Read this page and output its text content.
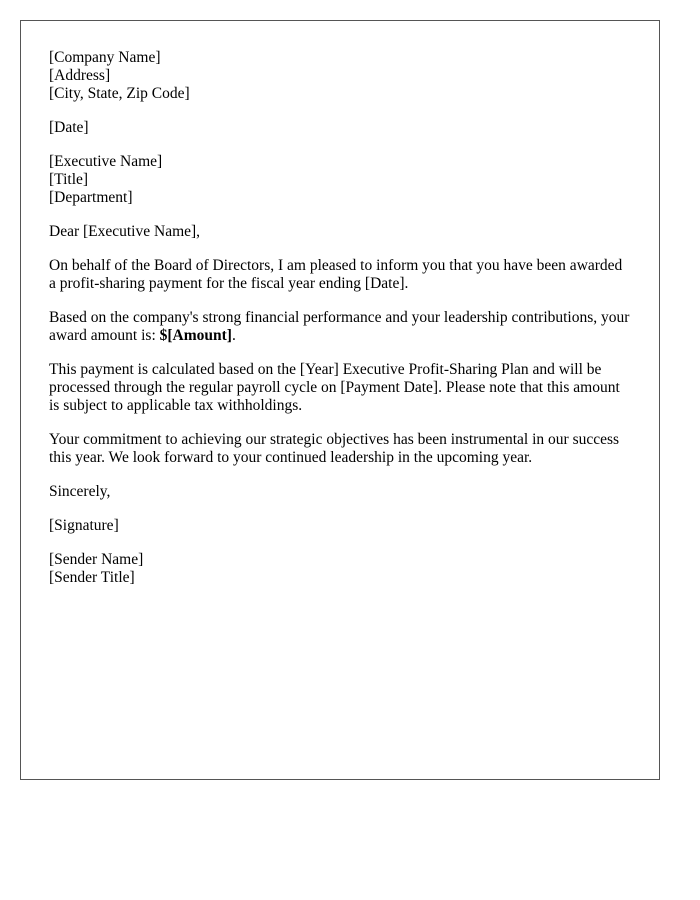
[Company Name]
[Address]
[City, State, Zip Code]
[Date]
[Executive Name]
[Title]
[Department]

Dear [Executive Name],

On behalf of the Board of Directors, I am pleased to inform you that you have been awarded a profit-sharing payment for the fiscal year ending [Date].

Based on the company's strong financial performance and your leadership contributions, your award amount is: $[Amount].

This payment is calculated based on the [Year] Executive Profit-Sharing Plan and will be processed through the regular payroll cycle on [Payment Date]. Please note that this amount is subject to applicable tax withholdings.

Your commitment to achieving our strategic objectives has been instrumental in our success this year. We look forward to your continued leadership in the upcoming year.

Sincerely,

[Signature]

[Sender Name]
[Sender Title]
